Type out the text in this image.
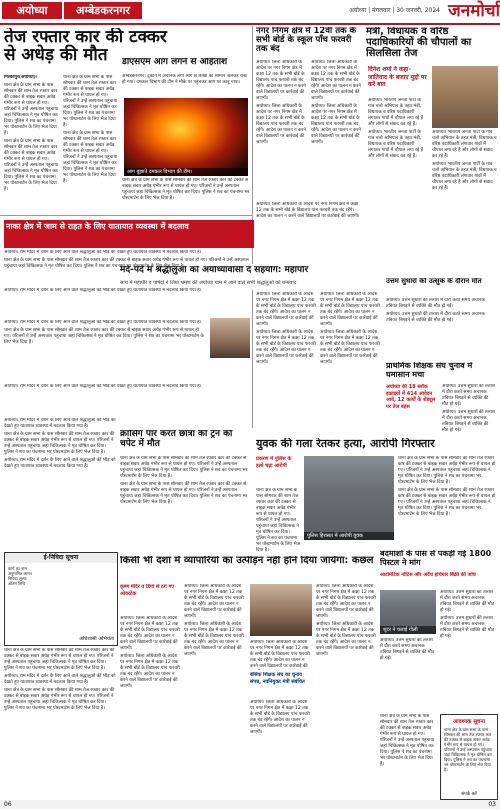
अयोध्या	अम्बेडकरनगर	अयोध्या | मंगलवार | 30 जनवरी, 2024 जनमोर्चा
तेज रफ्तार कार की टक्कर से अधेड़ की मौत

मिल्कीपुर(अयोध्या)।

थाना क्षेत्र के ग्राम सभा के पास सोमवार की शाम तेज रफ्तार कार की टक्कर से बाइक सवार अधेड़ गंभीर रूप से घायल हो गए। परिजनों ने उन्हें अस्पताल पहुंचाया जहां चिकित्सक ने मृत घोषित कर दिया। पुलिस ने शव का पंचनामा भर पोस्टमार्टम के लिए भेज दिया है।

थाना क्षेत्र के ग्राम सभा के पास सोमवार की शाम तेज रफ्तार कार की टक्कर से बाइक सवार अधेड़ गंभीर रूप से घायल हो गए। परिजनों ने उन्हें अस्पताल पहुंचाया जहां चिकित्सक ने मृत घोषित कर दिया। पुलिस ने शव का पंचनामा भर पोस्टमार्टम के लिए भेज दिया है।

थाना क्षेत्र के ग्राम सभा के पास सोमवार की शाम तेज रफ्तार कार की टक्कर से बाइक सवार अधेड़ गंभीर रूप से घायल हो गए। परिजनों ने उन्हें अस्पताल पहुंचाया जहां चिकित्सक ने मृत घोषित कर दिया। पुलिस ने शव का पंचनामा भर पोस्टमार्टम के लिए भेज दिया है।

थाना क्षेत्र के ग्राम सभा के पास सोमवार की शाम तेज रफ्तार कार की टक्कर से बाइक सवार अधेड़ गंभीर रूप से घायल हो गए। परिजनों ने उन्हें अस्पताल पहुंचाया जहां चिकित्सक ने मृत घोषित कर दिया। पुलिस ने शव का पंचनामा भर पोस्टमार्टम के लिए भेज दिया है।

डीएसएम आग लगने से अहितांश
अम्बेडकरनगर। दुकान में अचानक लगी आग से लाखों का सामान जलकर राख हो गया। दमकल विभाग की टीम ने मौके पर पहुंचकर आग पर काबू पाया।
आग बुझाते दमकल विभाग की टीम।
थाना क्षेत्र के ग्राम सभा के पास सोमवार की शाम तेज रफ्तार कार की टक्कर से बाइक सवार अधेड़ गंभीर रूप से घायल हो गए। परिजनों ने उन्हें अस्पताल पहुंचाया जहां चिकित्सक ने मृत घोषित कर दिया। पुलिस ने शव का पंचनामा भर पोस्टमार्टम के लिए भेज दिया है।
नगर निगम क्षेत्र में 12वीं तक के सभी बोर्ड के स्कूल पाँच फरवरी तक बंद

अयोध्या। जिला अधिकारी के आदेश पर नगर निगम क्षेत्र में कक्षा 12 तक के सभी बोर्ड के विद्यालय पांच फरवरी तक बंद रहेंगे। आदेश का पालन न करने वाले विद्यालयों पर कार्रवाई की जाएगी।

अयोध्या। जिला अधिकारी के आदेश पर नगर निगम क्षेत्र में कक्षा 12 तक के सभी बोर्ड के विद्यालय पांच फरवरी तक बंद रहेंगे। आदेश का पालन न करने वाले विद्यालयों पर कार्रवाई की जाएगी।

अयोध्या। जिला अधिकारी के आदेश पर नगर निगम क्षेत्र में कक्षा 12 तक के सभी बोर्ड के विद्यालय पांच फरवरी तक बंद रहेंगे। आदेश का पालन न करने वाले विद्यालयों पर कार्रवाई की जाएगी।

अयोध्या। जिला अधिकारी के आदेश पर नगर निगम क्षेत्र में कक्षा 12 तक के सभी बोर्ड के विद्यालय पांच फरवरी तक बंद रहेंगे। आदेश का पालन न करने वाले विद्यालयों पर कार्रवाई की जाएगी।

मंत्री, विधायक व वरिष्ठ पदाधिकारियों की चौपालों का सिलसिला तेज
दिनेश शर्मा ने कहा- जातिवाद के बजाए मुद्दों पर करें बात

अयोध्या। भारतीय जनता पार्टी के गांव चलो अभियान के तहत मंत्री, विधायक व वरिष्ठ पदाधिकारी लगातार गांवों में चौपाल लगा रहे हैं और लोगों से संवाद कर रहे हैं।

अयोध्या। भारतीय जनता पार्टी के गांव चलो अभियान के तहत मंत्री, विधायक व वरिष्ठ पदाधिकारी लगातार गांवों में चौपाल लगा रहे हैं और लोगों से संवाद कर रहे हैं।

अयोध्या। भारतीय जनता पार्टी के गांव चलो अभियान के तहत मंत्री, विधायक व वरिष्ठ पदाधिकारी लगातार गांवों में चौपाल लगा रहे हैं और लोगों से संवाद कर रहे हैं।

अयोध्या। भारतीय जनता पार्टी के गांव चलो अभियान के तहत मंत्री, विधायक व वरिष्ठ पदाधिकारी लगातार गांवों में चौपाल लगा रहे हैं और लोगों से संवाद कर रहे हैं।

अयोध्या। जिला अधिकारी के आदेश पर नगर निगम क्षेत्र में कक्षा 12 तक के सभी बोर्ड के विद्यालय पांच फरवरी तक बंद रहेंगे। आदेश का पालन न करने वाले विद्यालयों पर कार्रवाई की जाएगी।

नाका क्षेत्र में जाम से राहत के लिए यातायात व्यवस्था में बदलाव

अयोध्या। राम मंदिर में दर्शन के लिए आने वाले श्रद्धालुओं की भीड़ को देखते हुए यातायात व्यवस्था में बदलाव किया गया है।

थाना क्षेत्र के ग्राम सभा के पास सोमवार की शाम तेज रफ्तार कार की टक्कर से बाइक सवार अधेड़ गंभीर रूप से घायल हो गए। परिजनों ने उन्हें अस्पताल पहुंचाया जहां चिकित्सक ने मृत घोषित कर दिया। पुलिस ने शव का पंचनामा भर पोस्टमार्टम के लिए भेज दिया है।

अयोध्या। राम मंदिर में दर्शन के लिए आने वाले श्रद्धालुओं की भीड़ को देखते हुए यातायात व्यवस्था में बदलाव किया गया है।

अयोध्या। राम मंदिर में दर्शन के लिए आने वाले श्रद्धालुओं की भीड़ को देखते हुए यातायात व्यवस्था में बदलाव किया गया है।

थाना क्षेत्र के ग्राम सभा के पास सोमवार की शाम तेज रफ्तार कार की टक्कर से बाइक सवार अधेड़ गंभीर रूप से घायल हो गए। परिजनों ने उन्हें अस्पताल पहुंचाया जहां चिकित्सक ने मृत घोषित कर दिया। पुलिस ने शव का पंचनामा भर पोस्टमार्टम के लिए भेज दिया है।

अयोध्या। राम मंदिर में दर्शन के लिए आने वाले श्रद्धालुओं की भीड़ को देखते हुए यातायात व्यवस्था में बदलाव किया गया है।

मर्द-पर्दे में श्रद्धालुओं को अयोध्यावासी दें सहयोग: महापौर
साथ में महापौर व पार्षदों ने लिया भ्रमण की अयोध्या धाम में आने वाले सभी श्रद्धालुओं को धन्यवाद

अयोध्या। जिला अधिकारी के आदेश पर नगर निगम क्षेत्र में कक्षा 12 तक के सभी बोर्ड के विद्यालय पांच फरवरी तक बंद रहेंगे। आदेश का पालन न करने वाले विद्यालयों पर कार्रवाई की जाएगी।

अयोध्या। जिला अधिकारी के आदेश पर नगर निगम क्षेत्र में कक्षा 12 तक के सभी बोर्ड के विद्यालय पांच फरवरी तक बंद रहेंगे। आदेश का पालन न करने वाले विद्यालयों पर कार्रवाई की जाएगी।

अयोध्या। जिला अधिकारी के आदेश पर नगर निगम क्षेत्र में कक्षा 12 तक के सभी बोर्ड के विद्यालय पांच फरवरी तक बंद रहेंगे। आदेश का पालन न करने वाले विद्यालयों पर कार्रवाई की जाएगी।

अयोध्या। जिला अधिकारी के आदेश पर नगर निगम क्षेत्र में कक्षा 12 तक के सभी बोर्ड के विद्यालय पांच फरवरी तक बंद रहेंगे। आदेश का पालन न करने वाले विद्यालयों पर कार्रवाई की जाएगी।

उत्तम सुधारों की उत्सुक के दौरान मौत

अयोध्या। उत्तम सुधारों की तलाश में दौरा करते समय अचानक तबियत बिगड़ने से व्यक्ति की मौत हो गई।

अयोध्या। उत्तम सुधारों की तलाश में दौरा करते समय अचानक तबियत बिगड़ने से व्यक्ति की मौत हो गई।

प्राथमिक शिक्षक संघ चुनाव में घमासान मचा
अयोध्या की 18 ब्लॉक इकाइयों में 414 आवेदन आये, 12 कार्यों के शेड्यूल पर तेज बहस

अयोध्या। उत्तम सुधारों की तलाश में दौरा करते समय अचानक तबियत बिगड़ने से व्यक्ति की मौत हो गई।

अयोध्या। उत्तम सुधारों की तलाश में दौरा करते समय अचानक तबियत बिगड़ने से व्यक्ति की मौत हो गई।

क्रासिंग पार करते छात्रा की ट्रेन की चपेट में मौत

थाना क्षेत्र के ग्राम सभा के पास सोमवार की शाम तेज रफ्तार कार की टक्कर से बाइक सवार अधेड़ गंभीर रूप से घायल हो गए। परिजनों ने उन्हें अस्पताल पहुंचाया जहां चिकित्सक ने मृत घोषित कर दिया। पुलिस ने शव का पंचनामा भर पोस्टमार्टम के लिए भेज दिया है।

थाना क्षेत्र के ग्राम सभा के पास सोमवार की शाम तेज रफ्तार कार की टक्कर से बाइक सवार अधेड़ गंभीर रूप से घायल हो गए। परिजनों ने उन्हें अस्पताल पहुंचाया जहां चिकित्सक ने मृत घोषित कर दिया। पुलिस ने शव का पंचनामा भर पोस्टमार्टम के लिए भेज दिया है।

युवक की गला रेतकर हत्या, आरोपी गिरफ्तार
प्रकरण में पुलिस के हत्थे चढ़ा आरोपी
थाना क्षेत्र के ग्राम सभा के पास सोमवार की शाम तेज रफ्तार कार की टक्कर से बाइक सवार अधेड़ गंभीर रूप से घायल हो गए। परिजनों ने उन्हें अस्पताल पहुंचाया जहां चिकित्सक ने मृत घोषित कर दिया। पुलिस ने शव का पंचनामा भर पोस्टमार्टम के लिए भेज दिया है।
पुलिस हिरासत में आरोपी युवक

थाना क्षेत्र के ग्राम सभा के पास सोमवार की शाम तेज रफ्तार कार की टक्कर से बाइक सवार अधेड़ गंभीर रूप से घायल हो गए। परिजनों ने उन्हें अस्पताल पहुंचाया जहां चिकित्सक ने मृत घोषित कर दिया। पुलिस ने शव का पंचनामा भर पोस्टमार्टम के लिए भेज दिया है।

थाना क्षेत्र के ग्राम सभा के पास सोमवार की शाम तेज रफ्तार कार की टक्कर से बाइक सवार अधेड़ गंभीर रूप से घायल हो गए। परिजनों ने उन्हें अस्पताल पहुंचाया जहां चिकित्सक ने मृत घोषित कर दिया। पुलिस ने शव का पंचनामा भर पोस्टमार्टम के लिए भेज दिया है।

अयोध्या। राम मंदिर में दर्शन के लिए आने वाले श्रद्धालुओं की भीड़ को देखते हुए यातायात व्यवस्था में बदलाव किया गया है।

थाना क्षेत्र के ग्राम सभा के पास सोमवार की शाम तेज रफ्तार कार की टक्कर से बाइक सवार अधेड़ गंभीर रूप से घायल हो गए। परिजनों ने उन्हें अस्पताल पहुंचाया जहां चिकित्सक ने मृत घोषित कर दिया। पुलिस ने शव का पंचनामा भर पोस्टमार्टम के लिए भेज दिया है।

अयोध्या। राम मंदिर में दर्शन के लिए आने वाले श्रद्धालुओं की भीड़ को देखते हुए यातायात व्यवस्था में बदलाव किया गया है।

ई-निविदा सूचना
कार्य का नाम
अनुमानित लागत
निविदा शुल्क
अंतिम तिथि
अधिशासी अभियंता

थाना क्षेत्र के ग्राम सभा के पास सोमवार की शाम तेज रफ्तार कार की टक्कर से बाइक सवार अधेड़ गंभीर रूप से घायल हो गए। परिजनों ने उन्हें अस्पताल पहुंचाया जहां चिकित्सक ने मृत घोषित कर दिया। पुलिस ने शव का पंचनामा भर पोस्टमार्टम के लिए भेज दिया है।

अयोध्या। राम मंदिर में दर्शन के लिए आने वाले श्रद्धालुओं की भीड़ को देखते हुए यातायात व्यवस्था में बदलाव किया गया है।

थाना क्षेत्र के ग्राम सभा के पास सोमवार की शाम तेज रफ्तार कार की टक्कर से बाइक सवार अधेड़ गंभीर रूप से घायल हो गए। परिजनों ने उन्हें अस्पताल पहुंचाया जहां चिकित्सक ने मृत घोषित कर दिया। पुलिस ने शव का पंचनामा भर पोस्टमार्टम के लिए भेज दिया है।

किसी भी दशा में व्यापारियों का उत्पीड़न नहीं होने दिया जायेगा: कंछल
कृष्ण मंदिर व डिपो से ठगे गए ओवरटेक

अयोध्या। जिला अधिकारी के आदेश पर नगर निगम क्षेत्र में कक्षा 12 तक के सभी बोर्ड के विद्यालय पांच फरवरी तक बंद रहेंगे। आदेश का पालन न करने वाले विद्यालयों पर कार्रवाई की जाएगी।

अयोध्या। जिला अधिकारी के आदेश पर नगर निगम क्षेत्र में कक्षा 12 तक के सभी बोर्ड के विद्यालय पांच फरवरी तक बंद रहेंगे। आदेश का पालन न करने वाले विद्यालयों पर कार्रवाई की जाएगी।

अयोध्या। जिला अधिकारी के आदेश पर नगर निगम क्षेत्र में कक्षा 12 तक के सभी बोर्ड के विद्यालय पांच फरवरी तक बंद रहेंगे। आदेश का पालन न करने वाले विद्यालयों पर कार्रवाई की जाएगी।

अयोध्या। जिला अधिकारी के आदेश पर नगर निगम क्षेत्र में कक्षा 12 तक के सभी बोर्ड के विद्यालय पांच फरवरी तक बंद रहेंगे। आदेश का पालन न करने वाले विद्यालयों पर कार्रवाई की जाएगी।

अयोध्या। जिला अधिकारी के आदेश पर नगर निगम क्षेत्र में कक्षा 12 तक के सभी बोर्ड के विद्यालय पांच फरवरी तक बंद रहेंगे। आदेश का पालन न करने वाले विद्यालयों पर कार्रवाई की
बेसिक शिक्षक संघ का चुनाव संपन्न, नवनियुक्त मंत्री संबंधित

अयोध्या। जिला अधिकारी के आदेश पर नगर निगम क्षेत्र में कक्षा 12 तक के सभी बोर्ड के विद्यालय पांच फरवरी तक बंद रहेंगे। आदेश का पालन न करने वाले विद्यालयों पर कार्रवाई की जाएगी।

अयोध्या। जिला अधिकारी के आदेश पर नगर निगम क्षेत्र में कक्षा 12 तक के सभी बोर्ड के विद्यालय पांच फरवरी तक बंद रहेंगे। आदेश का पालन न करने वाले विद्यालयों पर कार्रवाई की जाएगी।

अयोध्या। जिला अधिकारी के आदेश पर नगर निगम क्षेत्र में कक्षा 12 तक के सभी बोर्ड के विद्यालय पांच फरवरी तक बंद रहेंगे। आदेश का पालन न करने वाले विद्यालयों पर कार्रवाई की जाएगी।

बदमाशों के पास से पकड़ी गई 1800 पिस्टल ने मांग
आटोमेटिक नोटिस और अवैध हथियार बिक्री की जांच
शूटर ने चलाई गोली

अयोध्या। उत्तम सुधारों की तलाश में दौरा करते समय अचानक तबियत बिगड़ने से व्यक्ति की मौत हो गई।

अयोध्या। उत्तम सुधारों की तलाश में दौरा करते समय अचानक तबियत बिगड़ने से व्यक्ति की मौत हो गई।

अयोध्या। उत्तम सुधारों की तलाश में दौरा करते समय अचानक तबियत बिगड़ने से व्यक्ति की मौत हो गई।
आवश्यक सूचना
थाना क्षेत्र के ग्राम सभा के पास सोमवार की शाम तेज रफ्तार कार की टक्कर से बाइक सवार अधेड़ गंभीर रूप से घायल हो गए। परिजनों ने उन्हें अस्पताल पहुंचाया जहां चिकित्सक ने मृत घोषित कर दिया। पुलिस ने शव का पंचनामा भर पोस्टमार्टम के लिए भेज दिया है।
संपर्क करें
थाना क्षेत्र के ग्राम सभा के पास सोमवार की शाम तेज रफ्तार कार की टक्कर से बाइक सवार अधेड़ गंभीर रूप से घायल हो गए। परिजनों ने उन्हें अस्पताल पहुंचाया जहां चिकित्सक ने मृत घोषित कर दिया। पुलिस ने शव का पंचनामा भर पोस्टमार्टम के लिए भेज दिया है।
06	03
